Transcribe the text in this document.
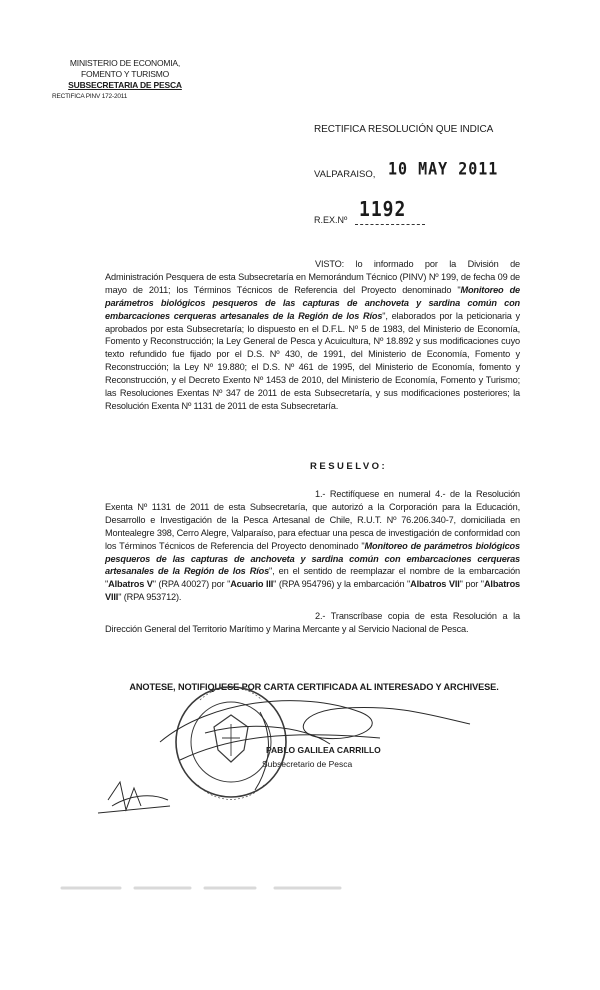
MINISTERIO DE ECONOMIA,
FOMENTO Y TURISMO
SUBSECRETARIA DE PESCA
RECTIFICA PINV 172-2011
RECTIFICA RESOLUCIÓN QUE INDICA
VALPARAISO, 10 MAY 2011
R.EX.Nº 1192
VISTO: lo informado por la División de Administración Pesquera de esta Subsecretaría en Memorándum Técnico (PINV) Nº 199, de fecha 09 de mayo de 2011; los Términos Técnicos de Referencia del Proyecto denominado "Monitoreo de parámetros biológicos pesqueros de las capturas de anchoveta y sardina común con embarcaciones cerqueras artesanales de la Región de los Ríos", elaborados por la peticionaria y aprobados por esta Subsecretaría; lo dispuesto en el D.F.L. Nº 5 de 1983, del Ministerio de Economía, Fomento y Reconstrucción; la Ley General de Pesca y Acuicultura, Nº 18.892 y sus modificaciones cuyo texto refundido fue fijado por el D.S. Nº 430, de 1991, del Ministerio de Economía, Fomento y Reconstrucción; la Ley Nº 19.880; el D.S. Nº 461 de 1995, del Ministerio de Economía, fomento y Reconstrucción, y el Decreto Exento Nº 1453 de 2010, del Ministerio de Economía, Fomento y Turismo; las Resoluciones Exentas Nº 347 de 2011 de esta Subsecretaría, y sus modificaciones posteriores; la Resolución Exenta Nº 1131 de 2011 de esta Subsecretaría.
RESUELVO:
1.- Rectifíquese en numeral 4.- de la Resolución Exenta Nº 1131 de 2011 de esta Subsecretaría, que autorizó a la Corporación para la Educación, Desarrollo e Investigación de la Pesca Artesanal de Chile, R.U.T. Nº 76.206.340-7, domiciliada en Montealegre 398, Cerro Alegre, Valparaíso, para efectuar una pesca de investigación de conformidad con los Términos Técnicos de Referencia del Proyecto denominado "Monitoreo de parámetros biológicos pesqueros de las capturas de anchoveta y sardina común con embarcaciones cerqueras artesanales de la Región de los Ríos", en el sentido de reemplazar el nombre de la embarcación "Albatros V" (RPA 40027) por "Acuario III" (RPA 954796) y la embarcación "Albatros VII" por "Albatros VIII" (RPA 953712).
2.- Transcríbase copia de esta Resolución a la Dirección General del Territorio Marítimo y Marina Mercante y al Servicio Nacional de Pesca.
ANOTESE, NOTIFIQUESE POR CARTA CERTIFICADA AL INTERESADO Y ARCHIVESE.
PABLO GALILEA CARRILLO
Subsecretario de Pesca
